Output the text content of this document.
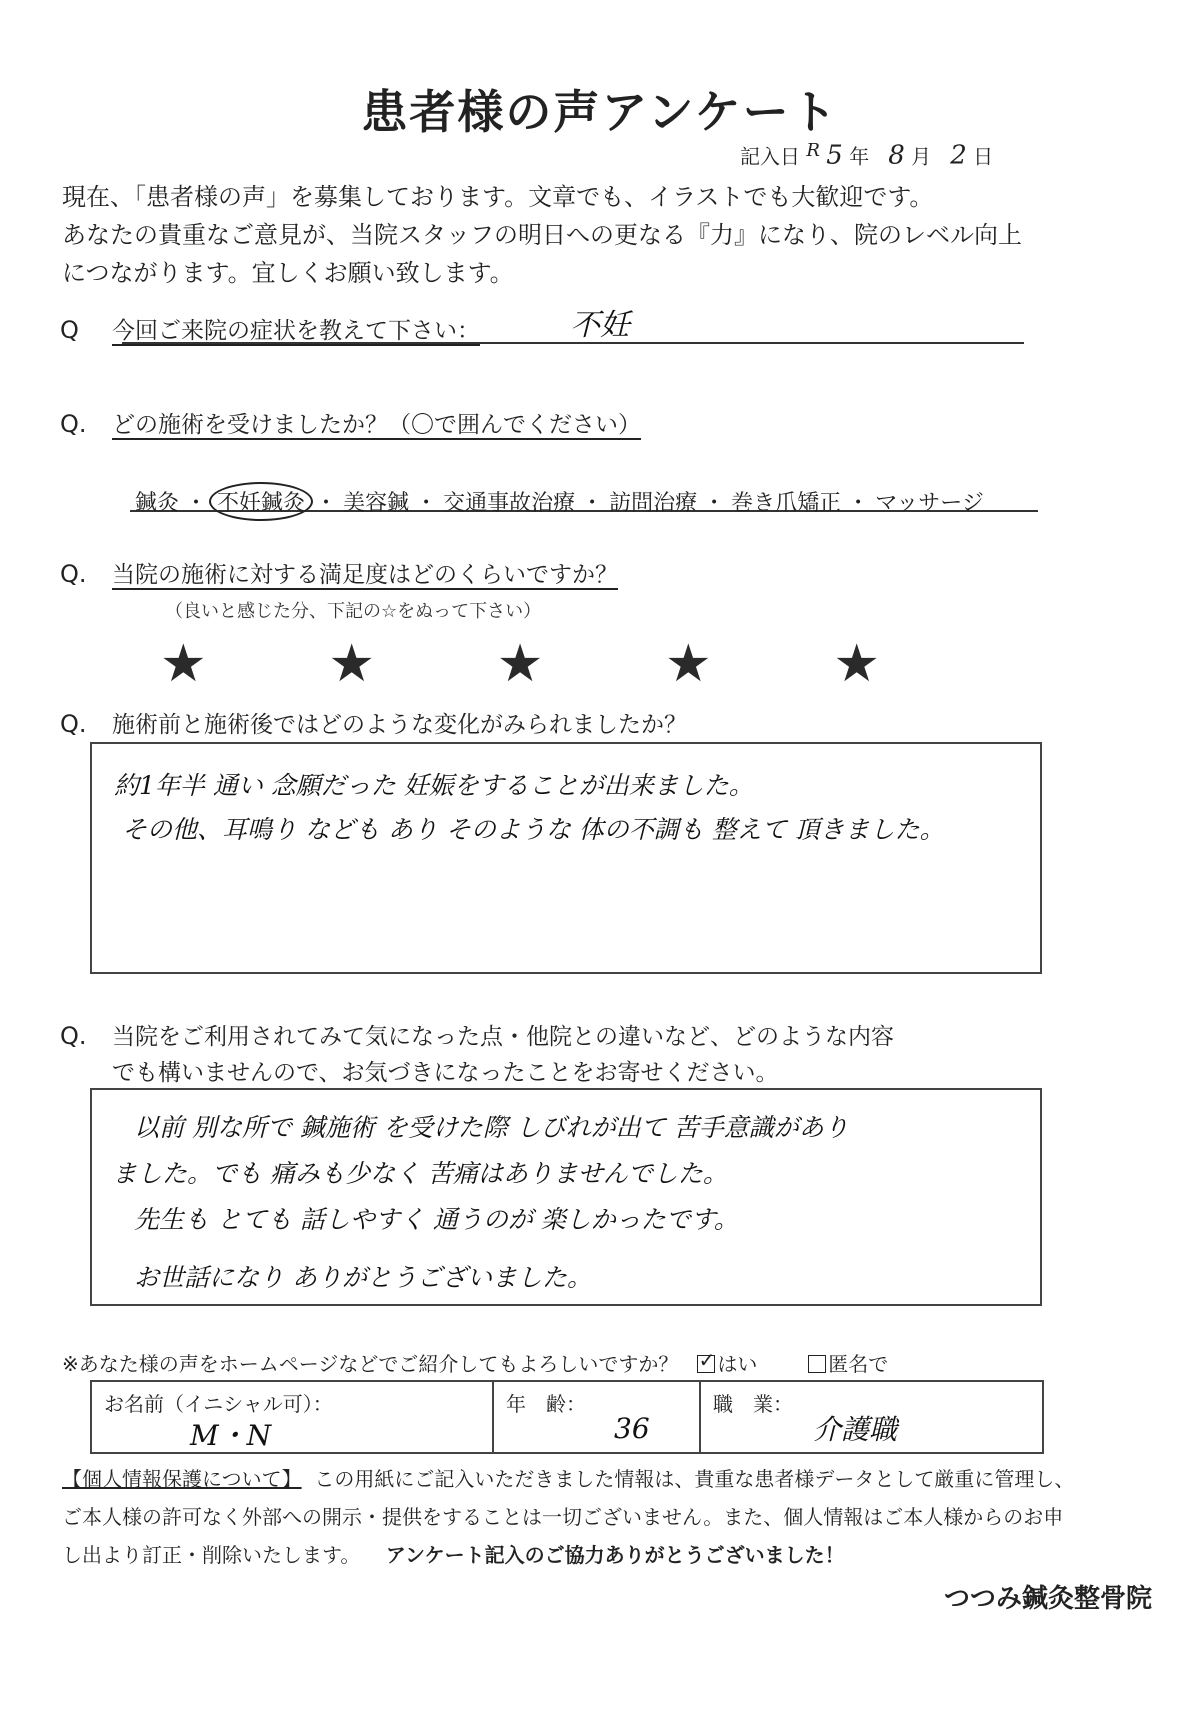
患者様の声アンケート
記入日 $^R$ 5 年 8 月 2 日
現在、「患者様の声」を募集しております。文章でも、イラストでも大歓迎です。
あなたの貴重なご意見が、当院スタッフの明日への更なる『力』になり、院のレベル向上
につながります。宜しくお願い致します。
Q 今回ご来院の症状を教えて下さい：	不妊
Q. どの施術を受けましたか？（〇で囲んでください）
鍼灸 ・ 不妊鍼灸 ・ 美容鍼 ・ 交通事故治療 ・ 訪問治療 ・ 巻き爪矯正 ・ マッサージ
Q. 当院の施術に対する満足度はどのくらいですか？
（良いと感じた分、下記の☆をぬって下さい）
★ ★ ★ ★ ★
Q. 施術前と施術後ではどのような変化がみられましたか？
約1年半 通い 念願だった 妊娠をすることが出来ました。
その他、耳鳴り なども あり そのような 体の不調も 整えて 頂きました。
Q. 当院をご利用されてみて気になった点・他院との違いなど、どのような内容
でも構いませんので、お気づきになったことをお寄せください。
以前 別な所で 鍼施術 を受けた際 しびれが出て 苦手意識があり
ました。でも 痛みも少なく 苦痛はありませんでした。
先生も とても 話しやすく 通うのが 楽しかったです。
お世話になり ありがとうございました。
※あなた様の声をホームページなどでご紹介してもよろしいですか？   ✓ はい	匿名で
お名前（イニシャル可）：
M・N
年　齢：
36
職　業：
介護職
【個人情報保護について】 この用紙にご記入いただきました情報は、貴重な患者様データとして厳重に管理し、
ご本人様の許可なく外部への開示・提供をすることは一切ございません。また、個人情報はご本人様からのお申
し出より訂正・削除いたします。 アンケート記入のご協力ありがとうございました！
つつみ鍼灸整骨院
